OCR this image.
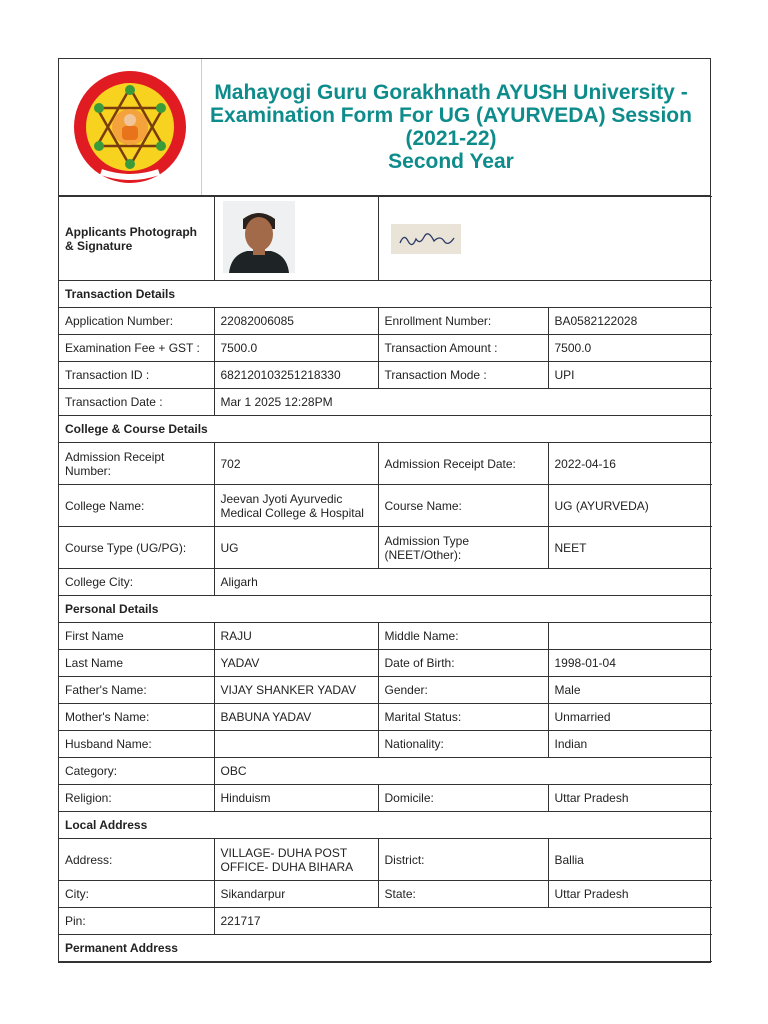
Mahayogi Guru Gorakhnath AYUSH University -
Examination Form For UG (AYURVEDA) Session
(2021-22)
Second Year
Applicants Photograph & Signature		

Transaction Details			
Application Number:	22082006085	Enrollment Number:	BA0582122028
Examination Fee + GST :	7500.0	Transaction Amount :	7500.0
Transaction ID :	682120103251218330	Transaction Mode :	UPI
Transaction Date :	Mar 1 2025 12:28PM		
College & Course Details			
Admission Receipt Number:	702	Admission Receipt Date:	2022-04-16
College Name:	Jeevan Jyoti Ayurvedic Medical College & Hospital	Course Name:	UG (AYURVEDA)
Course Type (UG/PG):	UG	Admission Type (NEET/Other):	NEET
College City:	Aligarh		
Personal Details			
First Name	RAJU	Middle Name:	
Last Name	YADAV	Date of Birth:	1998-01-04
Father's Name:	VIJAY SHANKER YADAV	Gender:	Male
Mother's Name:	BABUNA YADAV	Marital Status:	Unmarried
Husband Name:		Nationality:	Indian
Category:	OBC		
Religion:	Hinduism	Domicile:	Uttar Pradesh
Local Address			
Address:	VILLAGE- DUHA POST OFFICE- DUHA BIHARA	District:	Ballia
City:	Sikandarpur	State:	Uttar Pradesh
Pin:	221717		
Permanent Address			
